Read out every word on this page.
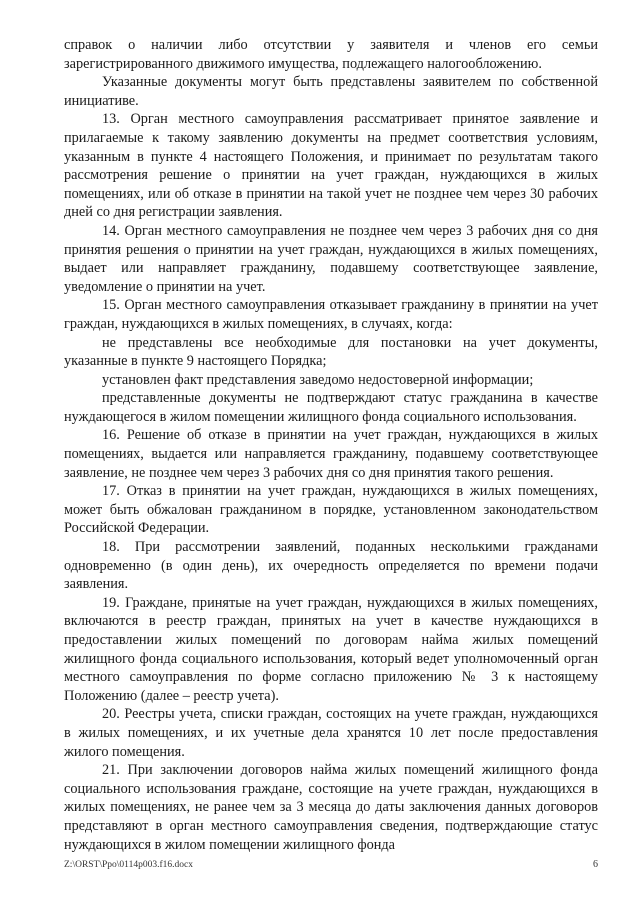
справок о наличии либо отсутствии у заявителя и членов его семьи зарегистрированного движимого имущества, подлежащего налогообложению.

Указанные документы могут быть представлены заявителем по собственной инициативе.

13. Орган местного самоуправления рассматривает принятое заявление и прилагаемые к такому заявлению документы на предмет соответствия условиям, указанным в пункте 4 настоящего Положения, и принимает по результатам такого рассмотрения решение о принятии на учет граждан, нуждающихся в жилых помещениях, или об отказе в принятии на такой учет не позднее чем через 30 рабочих дней со дня регистрации заявления.

14. Орган местного самоуправления не позднее чем через 3 рабочих дня со дня принятия решения о принятии на учет граждан, нуждающихся в жилых помещениях, выдает или направляет гражданину, подавшему соответствующее заявление, уведомление о принятии на учет.

15. Орган местного самоуправления отказывает гражданину в принятии на учет граждан, нуждающихся в жилых помещениях, в случаях, когда:

не представлены все необходимые для постановки на учет документы, указанные в пункте 9 настоящего Порядка;

установлен факт представления заведомо недостоверной информации;

представленные документы не подтверждают статус гражданина в качестве нуждающегося в жилом помещении жилищного фонда социального использования.

16. Решение об отказе в принятии на учет граждан, нуждающихся в жилых помещениях, выдается или направляется гражданину, подавшему соответствующее заявление, не позднее чем через 3 рабочих дня со дня принятия такого решения.

17. Отказ в принятии на учет граждан, нуждающихся в жилых помещениях, может быть обжалован гражданином в порядке, установленном законодательством Российской Федерации.

18. При рассмотрении заявлений, поданных несколькими гражданами одновременно (в один день), их очередность определяется по времени подачи заявления.

19. Граждане, принятые на учет граждан, нуждающихся в жилых помещениях, включаются в реестр граждан, принятых на учет в качестве нуждающихся в предоставлении жилых помещений по договорам найма жилых помещений жилищного фонда социального использования, который ведет уполномоченный орган местного самоуправления по форме согласно приложению № 3 к настоящему Положению (далее – реестр учета).

20. Реестры учета, списки граждан, состоящих на учете граждан, нуждающихся в жилых помещениях, и их учетные дела хранятся 10 лет после предоставления жилого помещения.

21. При заключении договоров найма жилых помещений жилищного фонда социального использования граждане, состоящие на учете граждан, нуждающихся в жилых помещениях, не ранее чем за 3 месяца до даты заключения данных договоров представляют в орган местного самоуправления сведения, подтверждающие статус нуждающихся в жилом помещении жилищного фонда

Z:\ORST\Ppo\0114p003.f16.docx	6
